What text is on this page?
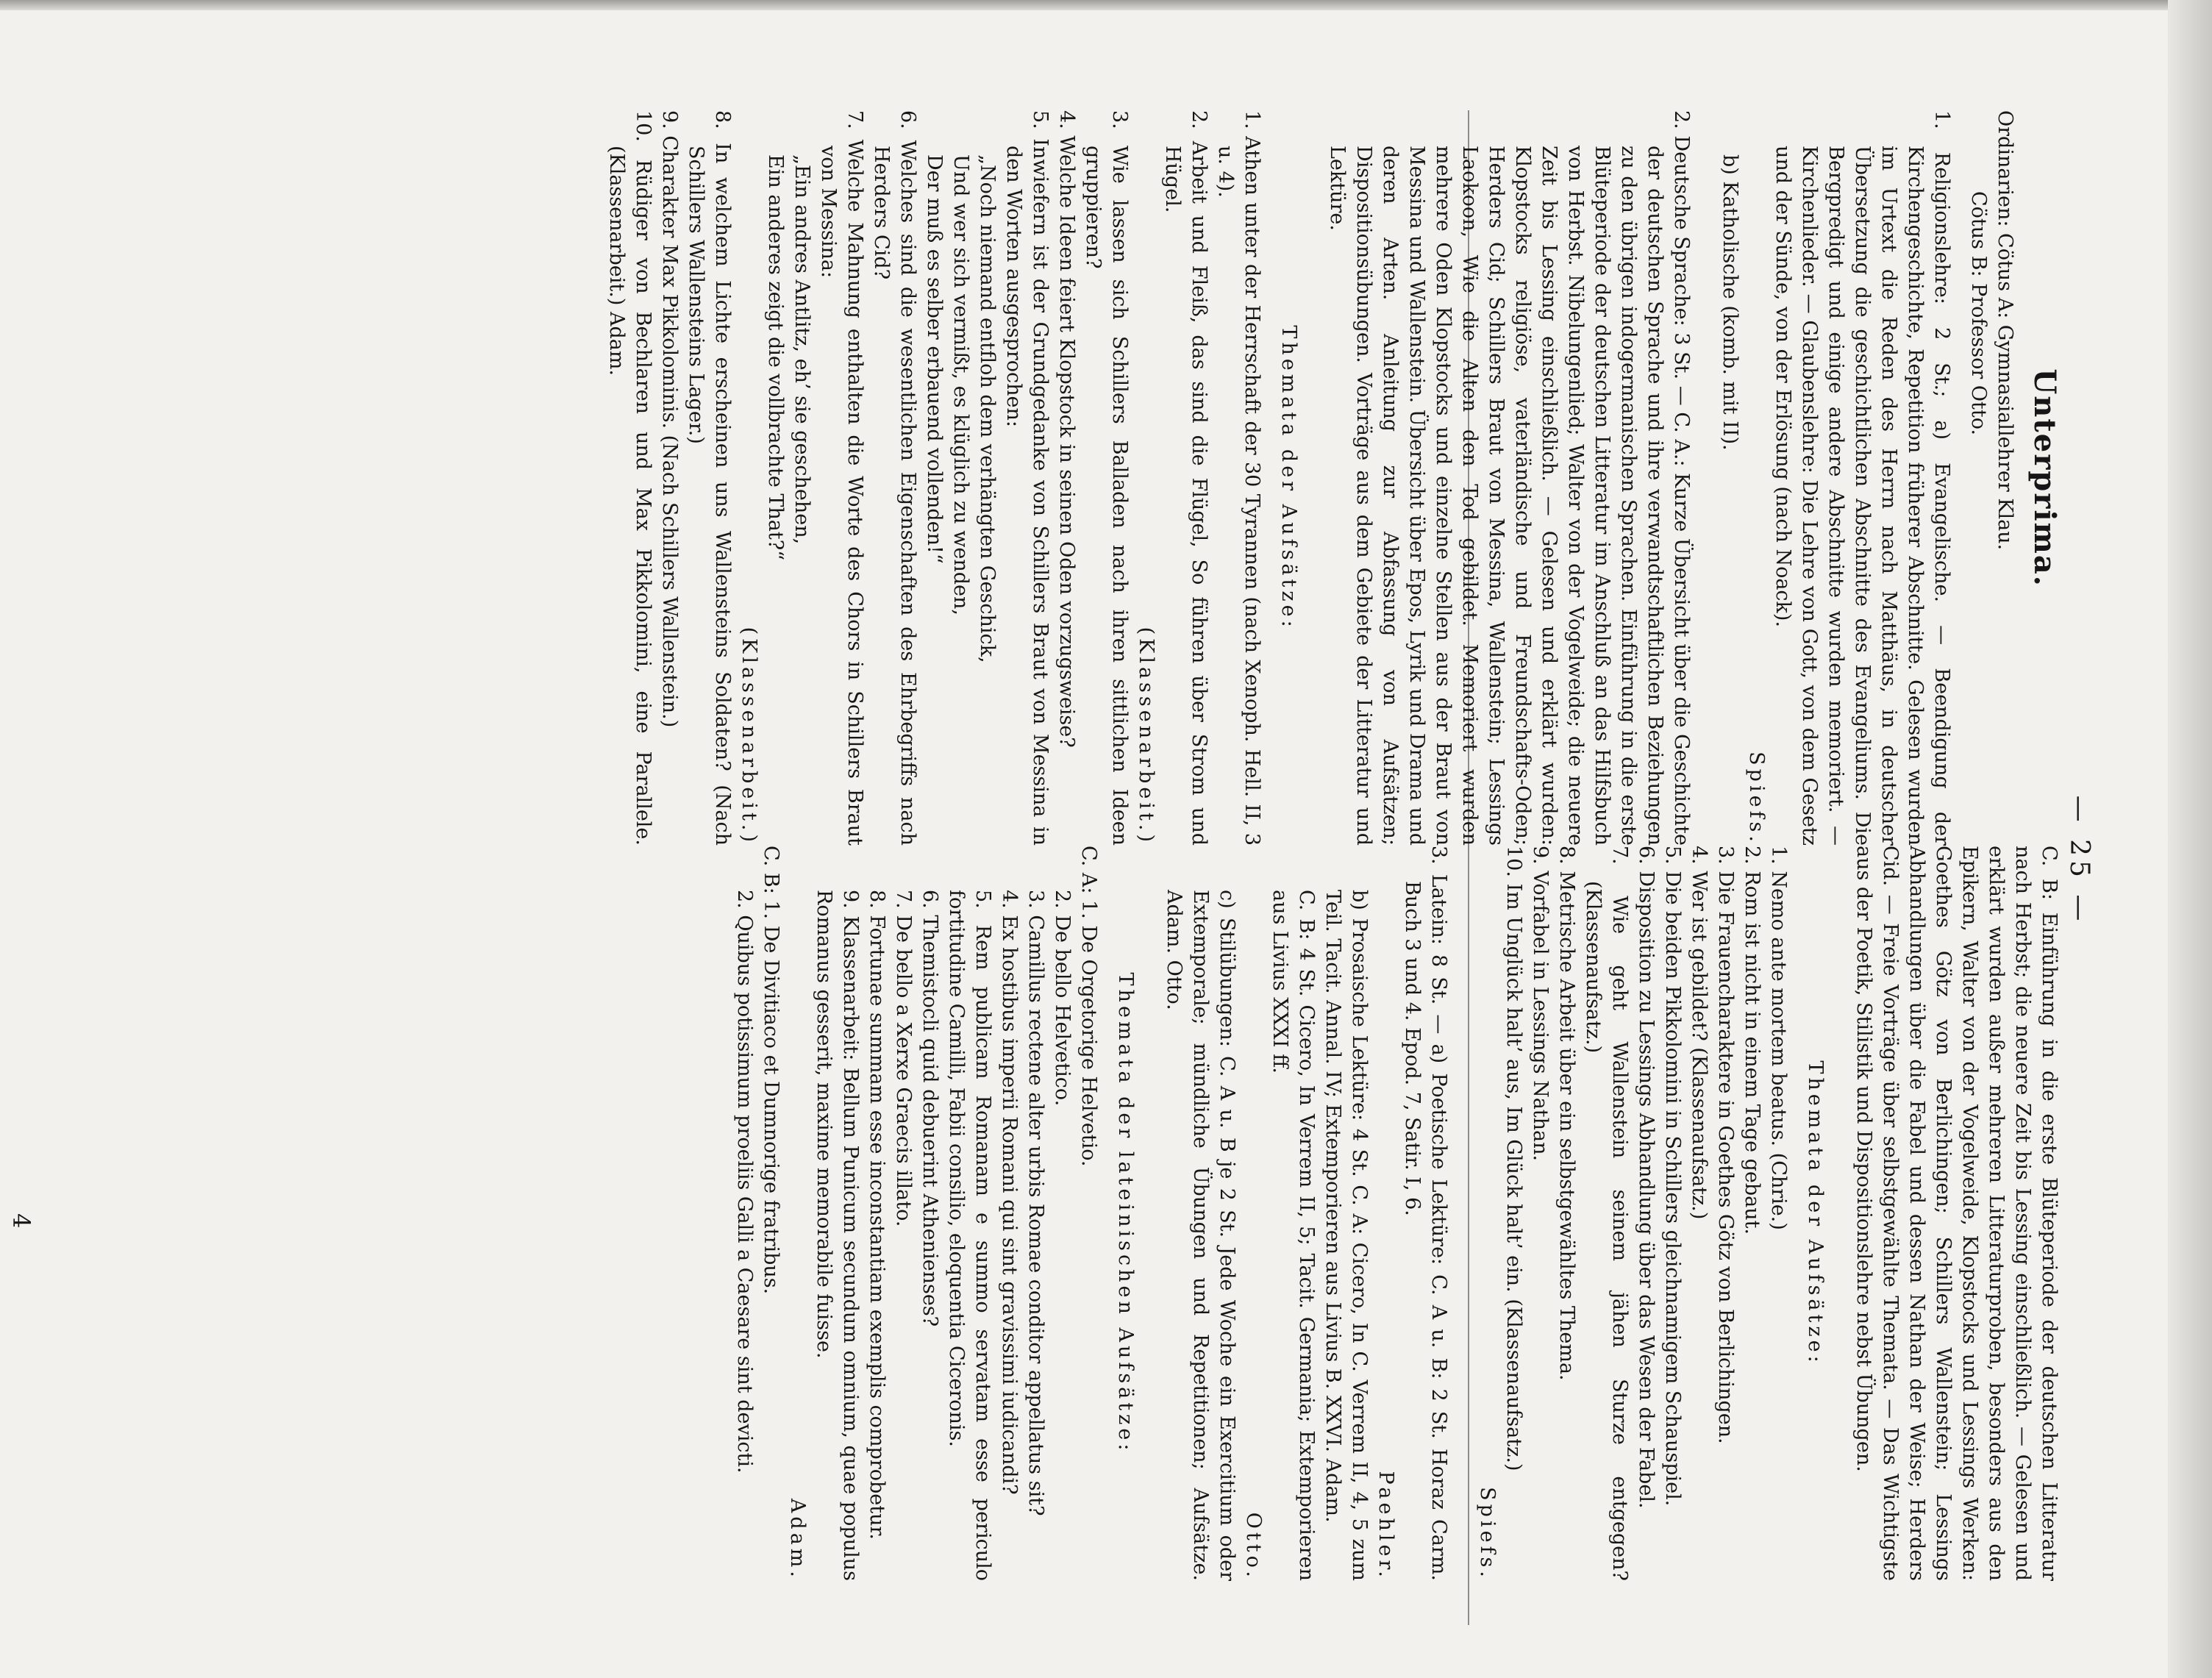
— 25 —

Unterprima.

Ordinarien: Cötus A: Gymnasiallehrer Klau.

Cötus B: Professor Otto.

1. Religionslehre: 2 St.; a) Evangelische. — Beendigung der Kirchengeschichte, Repetition früherer Abschnitte. Gelesen wurden im Urtext die Reden des Herrn nach Matthäus, in deutscher Übersetzung die geschichtlichen Abschnitte des Evangeliums. Die Bergpredigt und einige andere Abschnitte wurden memoriert. — Kirchenlieder. — Glaubenslehre: Die Lehre von Gott, von dem Gesetz und der Sünde, von der Erlösung (nach Noack).

Spiefs.

b) Katholische (komb. mit II).

2. Deutsche Sprache: 3 St. — C. A.: Kurze Übersicht über die Geschichte der deutschen Sprache und ihre verwandtschaftlichen Beziehungen zu den übrigen indogermanischen Sprachen. Einführung in die erste Blüteperiode der deutschen Litteratur im Anschluß an das Hilfsbuch von Herbst. Nibelungenlied; Walter von der Vogelweide; die neuere Zeit bis Lessing einschließlich. — Gelesen und erklärt wurden: Klopstocks religiöse, vaterländische und Freundschafts-Oden; Herders Cid; Schillers Braut von Messina, Wallenstein; Lessings Laokoon, Wie die Alten den Tod gebildet. Memoriert wurden mehrere Oden Klopstocks und einzelne Stellen aus der Braut von Messina und Wallenstein. Übersicht über Epos, Lyrik und Drama und deren Arten. Anleitung zur Abfassung von Aufsätzen; Dispositionsübungen. Vorträge aus dem Gebiete der Litteratur und Lektüre.

Themata der Aufsätze:

1. Athen unter der Herrschaft der 30 Tyrannen (nach Xenoph. Hell. II, 3 u. 4).

2. Arbeit und Fleiß, das sind die Flügel, So führen über Strom und Hügel.

(Klassenarbeit.)

3. Wie lassen sich Schillers Balladen nach ihren sittlichen Ideen gruppieren?

4. Welche Ideen feiert Klopstock in seinen Oden vorzugsweise?

5. Inwiefern ist der Grundgedanke von Schillers Braut von Messina in den Worten ausgesprochen:

„Noch niemand entfloh dem verhängten Geschick,

Und wer sich vermißt, es klüglich zu wenden,

Der muß es selber erbauend vollenden!“

6. Welches sind die wesentlichen Eigenschaften des Ehrbegriffs nach Herders Cid?

7. Welche Mahnung enthalten die Worte des Chors in Schillers Braut von Messina:

„Ein andres Antlitz, eh’ sie geschehen,

Ein anderes zeigt die vollbrachte That?“

(Klassenarbeit.)

8. In welchem Lichte erscheinen uns Wallensteins Soldaten? (Nach Schillers Wallensteins Lager.)

9. Charakter Max Pikkolominis. (Nach Schillers Wallenstein.)

10. Rüdiger von Bechlaren und Max Pikkolomini, eine Parallele. (Klassenarbeit.) Adam.

C. B: Einführung in die erste Blüteperiode der deutschen Litteratur nach Herbst; die neuere Zeit bis Lessing einschließlich. — Gelesen und erklärt wurden außer mehreren Litteraturproben, besonders aus den Epikern, Walter von der Vogelweide, Klopstocks und Lessings Werken: Goethes Götz von Berlichingen; Schillers Wallenstein; Lessings Abhandlungen über die Fabel und dessen Nathan der Weise; Herders Cid. — Freie Vorträge über selbstgewählte Themata. — Das Wichtigste aus der Poetik, Stilistik und Dispositionslehre nebst Übungen.

Themata der Aufsätze:

1. Nemo ante mortem beatus. (Chrie.)

2. Rom ist nicht in einem Tage gebaut.

3. Die Frauencharaktere in Goethes Götz von Berlichingen.

4. Wer ist gebildet? (Klassenaufsatz.)

5. Die beiden Pikkolomini in Schillers gleichnamigem Schauspiel.

6. Disposition zu Lessings Abhandlung über das Wesen der Fabel.

7. Wie geht Wallenstein seinem jähen Sturze entgegen? (Klassenaufsatz.)

8. Metrische Arbeit über ein selbstgewähltes Thema.

9. Vorfabel in Lessings Nathan.

10. Im Unglück halt’ aus, Im Glück halt’ ein. (Klassenaufsatz.)

Spiefs.

3. Latein: 8 St. — a) Poetische Lektüre: C. A u. B: 2 St. Horaz Carm. Buch 3 und 4. Epod. 7, Satir. I, 6.

Paehler.

b) Prosaische Lektüre: 4 St. C. A: Cicero, In C. Verrem II, 4, 5 zum Teil. Tacit. Annal. IV; Extemporieren aus Livius B. XXVI. Adam.

C. B: 4 St. Cicero, In Verrem II, 5; Tacit. Germania; Extemporieren aus Livius XXXI ff.

Otto.

c) Stilübungen: C. A u. B je 2 St. Jede Woche ein Exercitium oder Extemporale; mündliche Übungen und Repetitionen; Aufsätze. Adam. Otto.

Themata der lateinischen Aufsätze:

C. A: 1. De Orgetorige Helvetio.

2. De bello Helvetico.

3. Camillus rectene alter urbis Romae conditor appellatus sit?

4. Ex hostibus imperii Romani qui sint gravissimi iudicandi?

5. Rem publicam Romanam e summo servatam esse periculo fortitudine Camilli, Fabii consilio, eloquentia Ciceronis.

6. Themistocli quid debuerint Athenienses?

7. De bello a Xerxe Graecis illato.

8. Fortunae summam esse inconstantiam exemplis comprobetur.

9. Klassenarbeit: Bellum Punicum secundum omnium, quae populus Romanus gesserit, maxime memorabile fuisse.

Adam.

C. B: 1. De Divitiaco et Dumnorige fratribus.

2. Quibus potissimum proeliis Galli a Caesare sint devicti.

4
